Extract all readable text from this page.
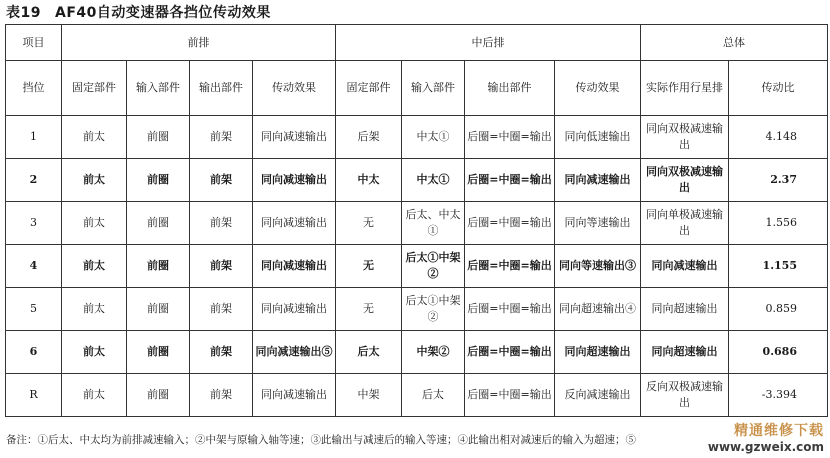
表19 AF40自动变速器各挡位传动效果
项目	前排				中后排				总体	
挡位	固定部件	输入部件	输出部件	传动效果	固定部件	输入部件	输出部件	传动效果	实际作用行星排	传动比
1	前太	前圈	前架	同向减速输出	后架	中太①	后圈=中圈=输出	同向低速输出	同向双极减速输出	4.148
2	前太	前圈	前架	同向减速输出	中太	中太①	后圈=中圈=输出	同向减速输出	同向双极减速输出	2.37
3	前太	前圈	前架	同向减速输出	无	后太、中太①	后圈=中圈=输出	同向等速输出	同向单极减速输出	1.556
4	前太	前圈	前架	同向减速输出	无	后太①中架②	后圈=中圈=输出	同向等速输出③	同向减速输出	1.155
5	前太	前圈	前架	同向减速输出	无	后太①中架②	后圈=中圈=输出	同向超速输出④	同向超速输出	0.859
6	前太	前圈	前架	同向减速输出⑤	后太	中架②	后圈=中圈=输出	同向超速输出	同向超速输出	0.686
R	前太	前圈	前架	同向减速输出	中架	后太	后圈=中圈=输出	反向减速输出	反向双极减速输出	-3.394
备注：①后太、中太均为前排减速输入；②中架与原输入轴等速；③此输出与减速后的输入等速；④此输出相对减速后的输入为超速；⑤
精通维修下载
www.gzweix.com
